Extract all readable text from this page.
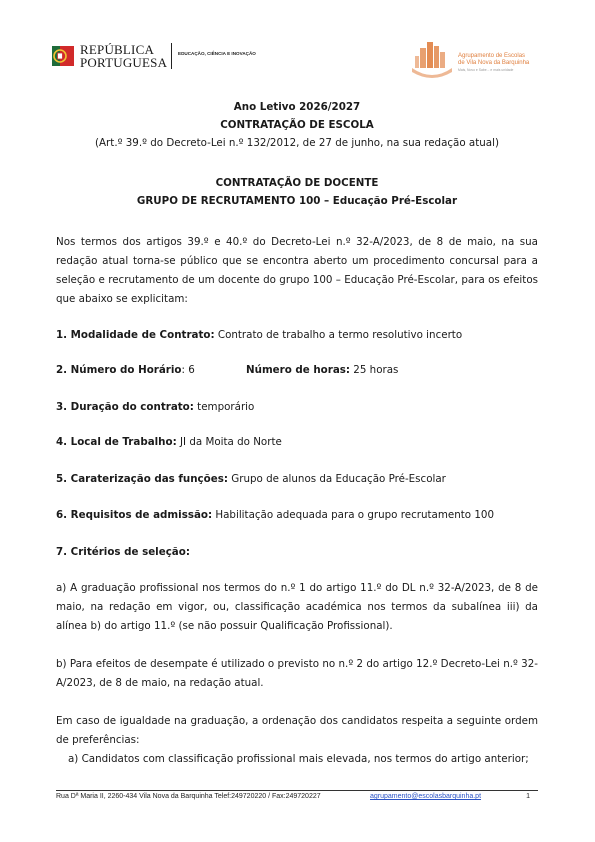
REPÚBLICA
PORTUGUESA
EDUCAÇÃO, CIÊNCIA E INOVAÇÃO	Agrupamento de Escolas
de Vila Nova da Barquinha
Mais, Novo e Sabe... e mais unidade
Ano Letivo 2026/2027
CONTRATAÇÃO DE ESCOLA
(Art.º 39.º do Decreto-Lei n.º 132/2012, de 27 de junho, na sua redação atual)
CONTRATAÇÃO DE DOCENTE
GRUPO DE RECRUTAMENTO 100 – Educação Pré-Escolar
Nos termos dos artigos 39.º e 40.º do Decreto-Lei n.º 32-A/2023, de 8 de maio, na sua redação atual torna-se público que se encontra aberto um procedimento concursal para a seleção e recrutamento de um docente do grupo 100 – Educação Pré-Escolar, para os efeitos que abaixo se explicitam:
1. Modalidade de Contrato: Contrato de trabalho a termo resolutivo incerto
2. Número do Horário: 6	Número de horas: 25 horas
3. Duração do contrato: temporário
4. Local de Trabalho: JI da Moita do Norte
5. Caraterização das funções: Grupo de alunos da Educação Pré-Escolar
6. Requisitos de admissão: Habilitação adequada para o grupo recrutamento 100
7. Critérios de seleção:
a) A graduação profissional nos termos do n.º 1 do artigo 11.º do DL n.º 32-A/2023, de 8 de maio, na redação em vigor, ou, classificação académica nos termos da subalínea iii) da alínea b) do artigo 11.º (se não possuir Qualificação Profissional).
b) Para efeitos de desempate é utilizado o previsto no n.º 2 do artigo 12.º Decreto-Lei n.º 32-A/2023, de 8 de maio, na redação atual.
Em caso de igualdade na graduação, a ordenação dos candidatos respeita a seguinte ordem de preferências:
a) Candidatos com classificação profissional mais elevada, nos termos do artigo anterior;
Rua Dª Maria II, 2260-434 Vila Nova da Barquinha Telef:249720220 / Fax:249720227	agrupamento@escolasbarquinha.pt	1
